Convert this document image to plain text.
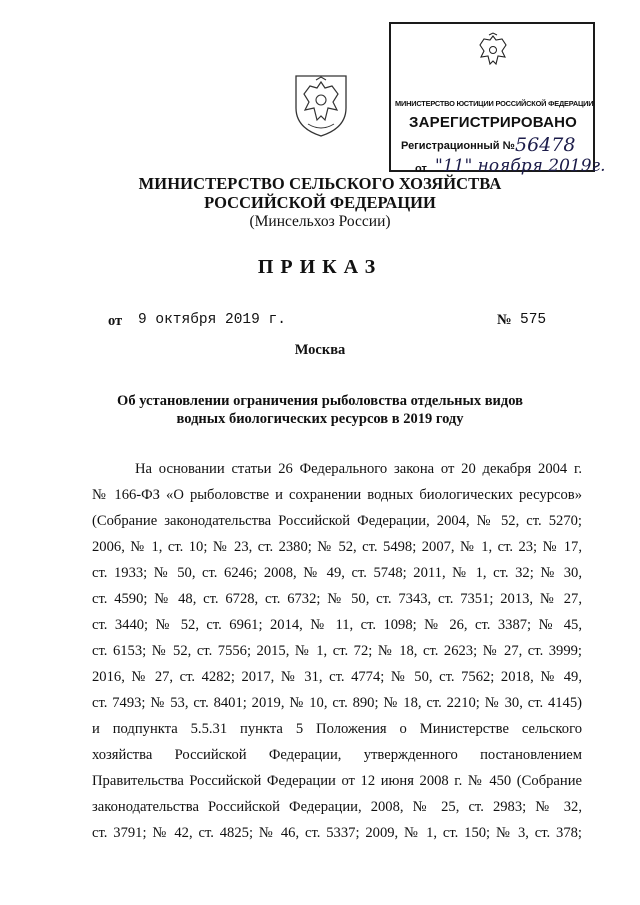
МИНИСТЕРСТВО ЮСТИЦИИ РОССИЙСКОЙ ФЕДЕРАЦИИ
ЗАРЕГИСТРИРОВАНО
Регистрационный № 56478
от "11" ноября 2019г.
МИНИСТЕРСТВО СЕЛЬСКОГО ХОЗЯЙСТВА
РОССИЙСКОЙ ФЕДЕРАЦИИ
(Минсельхоз России)
ПРИКАЗ
от 9 октября 2019 г.	№ 575
Москва
Об установлении ограничения рыболовства отдельных видов
водных биологических ресурсов в 2019 году
На основании статьи 26 Федерального закона от 20 декабря 2004 г.
№ 166-ФЗ «О рыболовстве и сохранении водных биологических ресурсов»
(Собрание законодательства Российской Федерации, 2004, № 52, ст. 5270;
2006, № 1, ст. 10; № 23, ст. 2380; № 52, ст. 5498; 2007, № 1, ст. 23; № 17,
ст. 1933; № 50, ст. 6246; 2008, № 49, ст. 5748; 2011, № 1, ст. 32; № 30,
ст. 4590; № 48, ст. 6728, ст. 6732; № 50, ст. 7343, ст. 7351; 2013, № 27,
ст. 3440; № 52, ст. 6961; 2014, № 11, ст. 1098; № 26, ст. 3387; № 45,
ст. 6153; № 52, ст. 7556; 2015, № 1, ст. 72; № 18, ст. 2623; № 27, ст. 3999;
2016, № 27, ст. 4282; 2017, № 31, ст. 4774; № 50, ст. 7562; 2018, № 49,
ст. 7493; № 53, ст. 8401; 2019, № 10, ст. 890; № 18, ст. 2210; № 30, ст. 4145)
и подпункта 5.5.31 пункта 5 Положения о Министерстве сельского
хозяйства Российской Федерации, утвержденного постановлением
Правительства Российской Федерации от 12 июня 2008 г. № 450 (Собрание
законодательства Российской Федерации, 2008, № 25, ст. 2983; № 32,
ст. 3791; № 42, ст. 4825; № 46, ст. 5337; 2009, № 1, ст. 150; № 3, ст. 378;
